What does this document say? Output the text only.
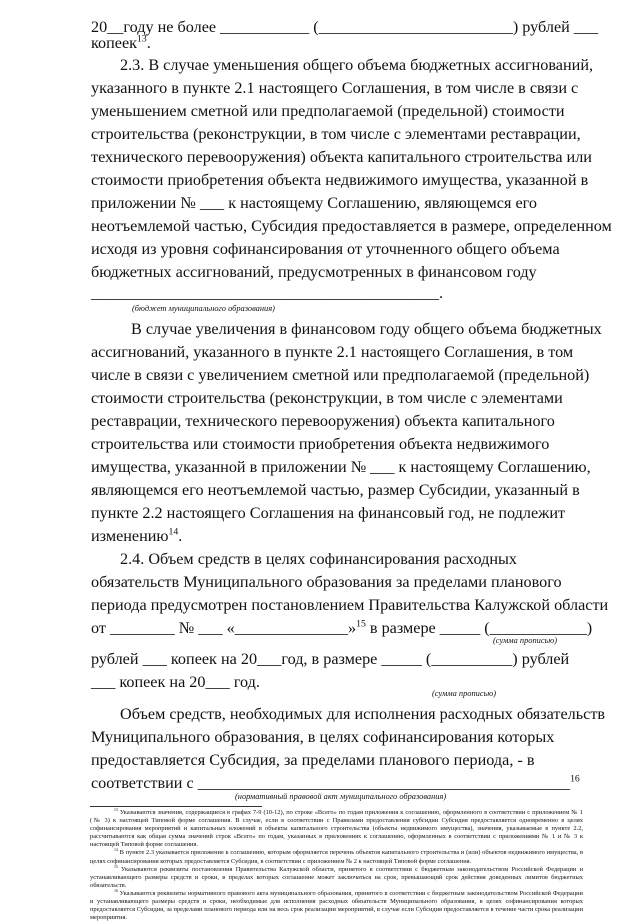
20__году не более ___________ (________________________) рублей ___
копеек$^{13}$.
2.3. В случае уменьшения общего объема бюджетных ассигнований,
указанного в пункте 2.1 настоящего Соглашения, в том числе в связи с
уменьшением сметной или предполагаемой (предельной) стоимости
строительства (реконструкции, в том числе с элементами реставрации,
технического перевооружения) объекта капитального строительства или
стоимости приобретения объекта недвижимого имущества, указанной в
приложении № ___ к настоящему Соглашению, являющемся его
неотъемлемой частью, Субсидия предоставляется в размере, определенном
исходя из уровня софинансирования от уточненного общего объема
бюджетных ассигнований, предусмотренных в финансовом году
___________________________________________.
(бюджет муниципального образования)
В случае увеличения в финансовом году общего объема бюджетных
ассигнований, указанного в пункте 2.1 настоящего Соглашения, в том
числе в связи с увеличением сметной или предполагаемой (предельной)
стоимости строительства (реконструкции, в том числе с элементами
реставрации, технического перевооружения) объекта капитального
строительства или стоимости приобретения объекта недвижимого
имущества, указанной в приложении № ___ к настоящему Соглашению,
являющемся его неотъемлемой частью, размер Субсидии, указанный в
пункте 2.2 настоящего Соглашения на финансовый год, не подлежит
изменению$^{14}$.
2.4. Объем средств в целях софинансирования расходных
обязательств Муниципального образования за пределами планового
периода предусмотрен постановлением Правительства Калужской области
от ________ № ___ «______________»$^{15}$ в размере _____ (____________)
(сумма прописью)
рублей ___ копеек на 20___год, в размере _____ (__________) рублей
___ копеек на 20___ год.
(сумма прописью)
Объем средств, необходимых для исполнения расходных обязательств
Муниципального образования, в целях софинансирования которых
предоставляется Субсидия, за пределами планового периода, - в
соответствии с ______________________________________________$^{16}$
(нормативный правовой акт муниципального образования)

$^{13}$ Указываются значения, содержащиеся в графах 7-9 (10-12), по строке «Всего» по годам приложения к соглашению, оформленного в соответствии с приложением № 1 (№ 3) к настоящей Типовой форме соглашения. В случае, если в соответствии с Правилами предоставления субсидии Субсидия предоставляется одновременно в целях софинансирования мероприятий и капитальных вложений в объекты капитального строительства (объекты недвижимого имущества), значения, указываемые в пункте 2.2, рассчитываются как общая сумма значений строк «Всего» по годам, указанных в приложениях к соглашению, оформленных в соответствии с приложениями № 1 и № 3 к настоящей Типовой форме соглашения.

$^{14}$ В пункте 2.3 указывается приложение к соглашению, которым оформляется перечень объектов капитального строительства и (или) объектов недвижимого имущества, в целях софинансирования которых предоставляется Субсидия, в соответствии с приложением № 2 к настоящей Типовой форме соглашения.

$^{15}$ Указываются реквизиты постановления Правительства Калужской области, принятого в соответствии с бюджетным законодательством Российской Федерации и устанавливающего размеры средств и сроки, в пределах которых соглашение может заключаться на срок, превышающий срок действия доведенных лимитов бюджетных обязательств.

$^{16}$ Указываются реквизиты нормативного правового акта муниципального образования, принятого в соответствии с бюджетным законодательством Российской Федерации и устанавливающего размеры средств и сроки, необходимые для исполнения расходных обязательств Муниципального образования, в целях софинансирования которых предоставляется Субсидия, за пределами планового периода или на весь срок реализации мероприятий, в случае если Субсидия предоставляется в течение части срока реализации мероприятия.
